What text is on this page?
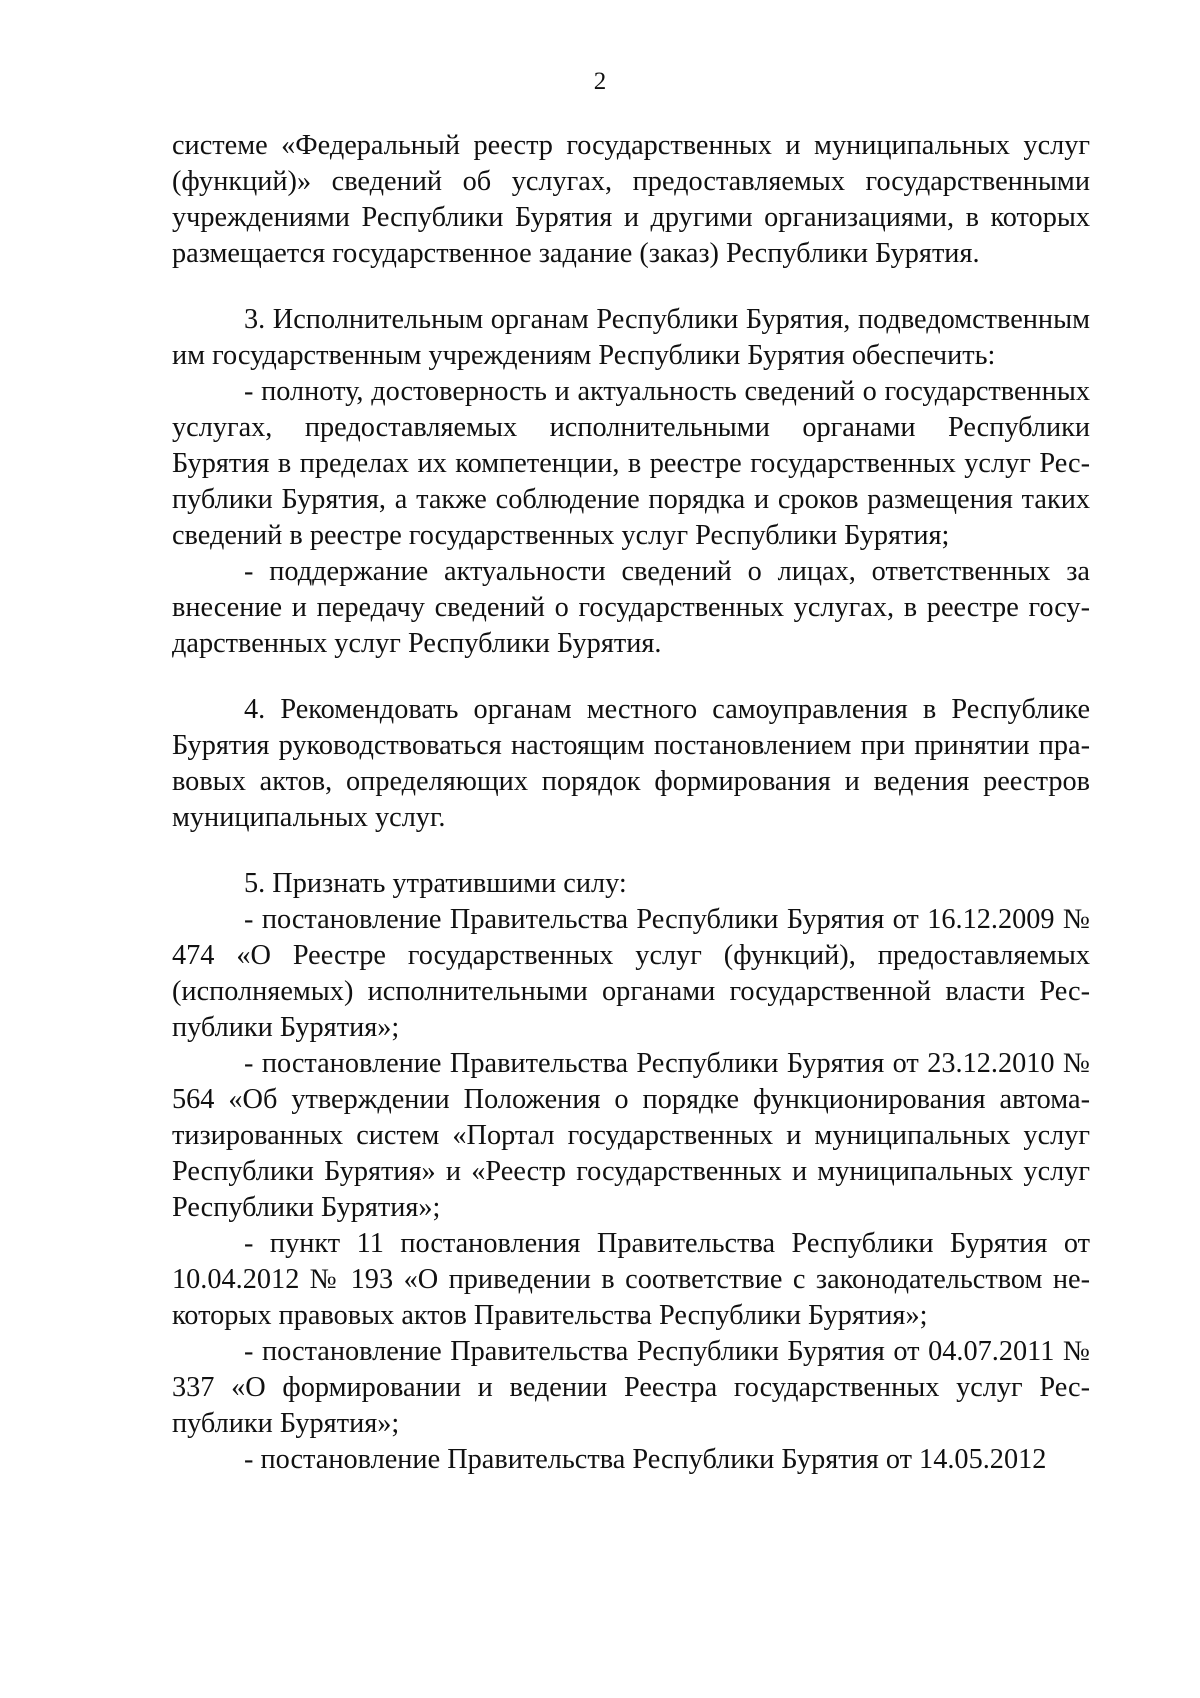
2

системе «Федеральный реестр государственных и муниципальных услуг (функций)» сведений об услугах, предоставляемых государственными учреждениями Республики Бурятия и другими организациями, в которых размещается государственное задание (заказ) Республики Бурятия.

3. Исполнительным органам Республики Бурятия, подведомственным им государственным учреждениям Республики Бурятия обеспечить:

- полноту, достоверность и актуальность сведений о государственных услугах, предоставляемых исполнительными органами Республики Бурятия в пределах их компетенции, в реестре государственных услуг Республики Бурятия, а также соблюдение порядка и сроков размещения таких сведений в реестре государственных услуг Республики Бурятия;

- поддержание актуальности сведений о лицах, ответственных за внесение и передачу сведений о государственных услугах, в реестре государственных услуг Республики Бурятия.

4. Рекомендовать органам местного самоуправления в Республике Бурятия руководствоваться настоящим постановлением при принятии правовых актов, определяющих порядок формирования и ведения реестров муниципальных услуг.

5. Признать утратившими силу:

- постановление Правительства Республики Бурятия от 16.12.2009 № 474 «О Реестре государственных услуг (функций), предоставляемых (исполняемых) исполнительными органами государственной власти Республики Бурятия»;

- постановление Правительства Республики Бурятия от 23.12.2010 № 564 «Об утверждении Положения о порядке функционирования автоматизированных систем «Портал государственных и муниципальных услуг Республики Бурятия» и «Реестр государственных и муниципальных услуг Республики Бурятия»;

- пункт 11 постановления Правительства Республики Бурятия от 10.04.2012 № 193 «О приведении в соответствие с законодательством некоторых правовых актов Правительства Республики Бурятия»;

- постановление Правительства Республики Бурятия от 04.07.2011 № 337 «О формировании и ведении Реестра государственных услуг Республики Бурятия»;

- постановление Правительства Республики Бурятия от 14.05.2012
